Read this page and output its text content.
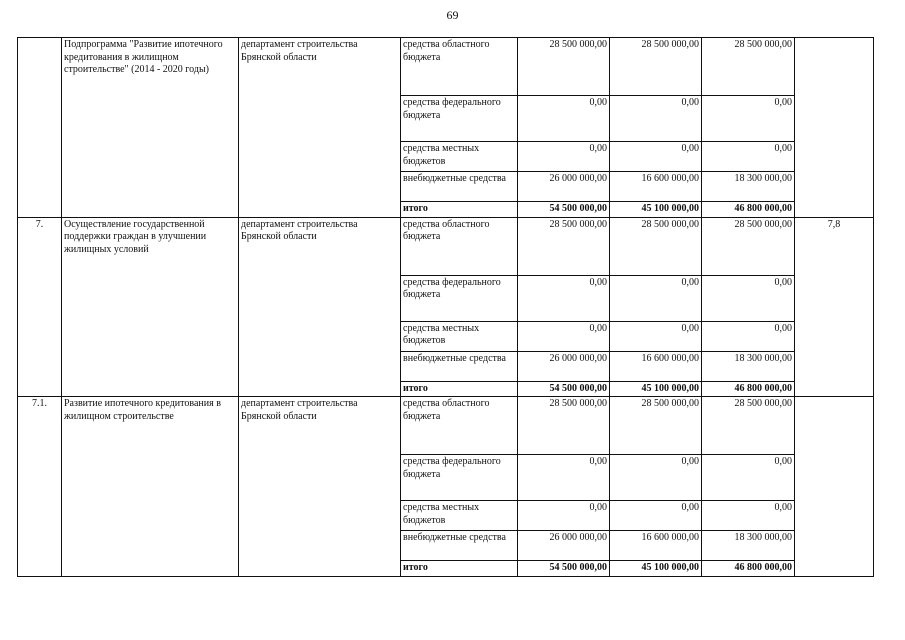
69
	Подпрограмма "Развитие ипотечного кредитования в жилищном строительстве" (2014 - 2020 годы)	департамент строительства Брянской области	средства областного бюджета	28 500 000,00	28 500 000,00	28 500 000,00	
			средства федерального бюджета	0,00	0,00	0,00	
			средства местных бюджетов	0,00	0,00	0,00	
			внебюджетные средства	26 000 000,00	16 600 000,00	18 300 000,00	
			итого	54 500 000,00	45 100 000,00	46 800 000,00	
7.	Осуществление государственной поддержки граждан в улучшении жилищных условий	департамент строительства Брянской области	средства областного бюджета	28 500 000,00	28 500 000,00	28 500 000,00	7,8
			средства федерального бюджета	0,00	0,00	0,00	
			средства местных бюджетов	0,00	0,00	0,00	
			внебюджетные средства	26 000 000,00	16 600 000,00	18 300 000,00	
			итого	54 500 000,00	45 100 000,00	46 800 000,00	
7.1.	Развитие ипотечного кредитования в жилищном строительстве	департамент строительства Брянской области	средства областного бюджета	28 500 000,00	28 500 000,00	28 500 000,00	
			средства федерального бюджета	0,00	0,00	0,00	
			средства местных бюджетов	0,00	0,00	0,00	
			внебюджетные средства	26 000 000,00	16 600 000,00	18 300 000,00	
			итого	54 500 000,00	45 100 000,00	46 800 000,00	
